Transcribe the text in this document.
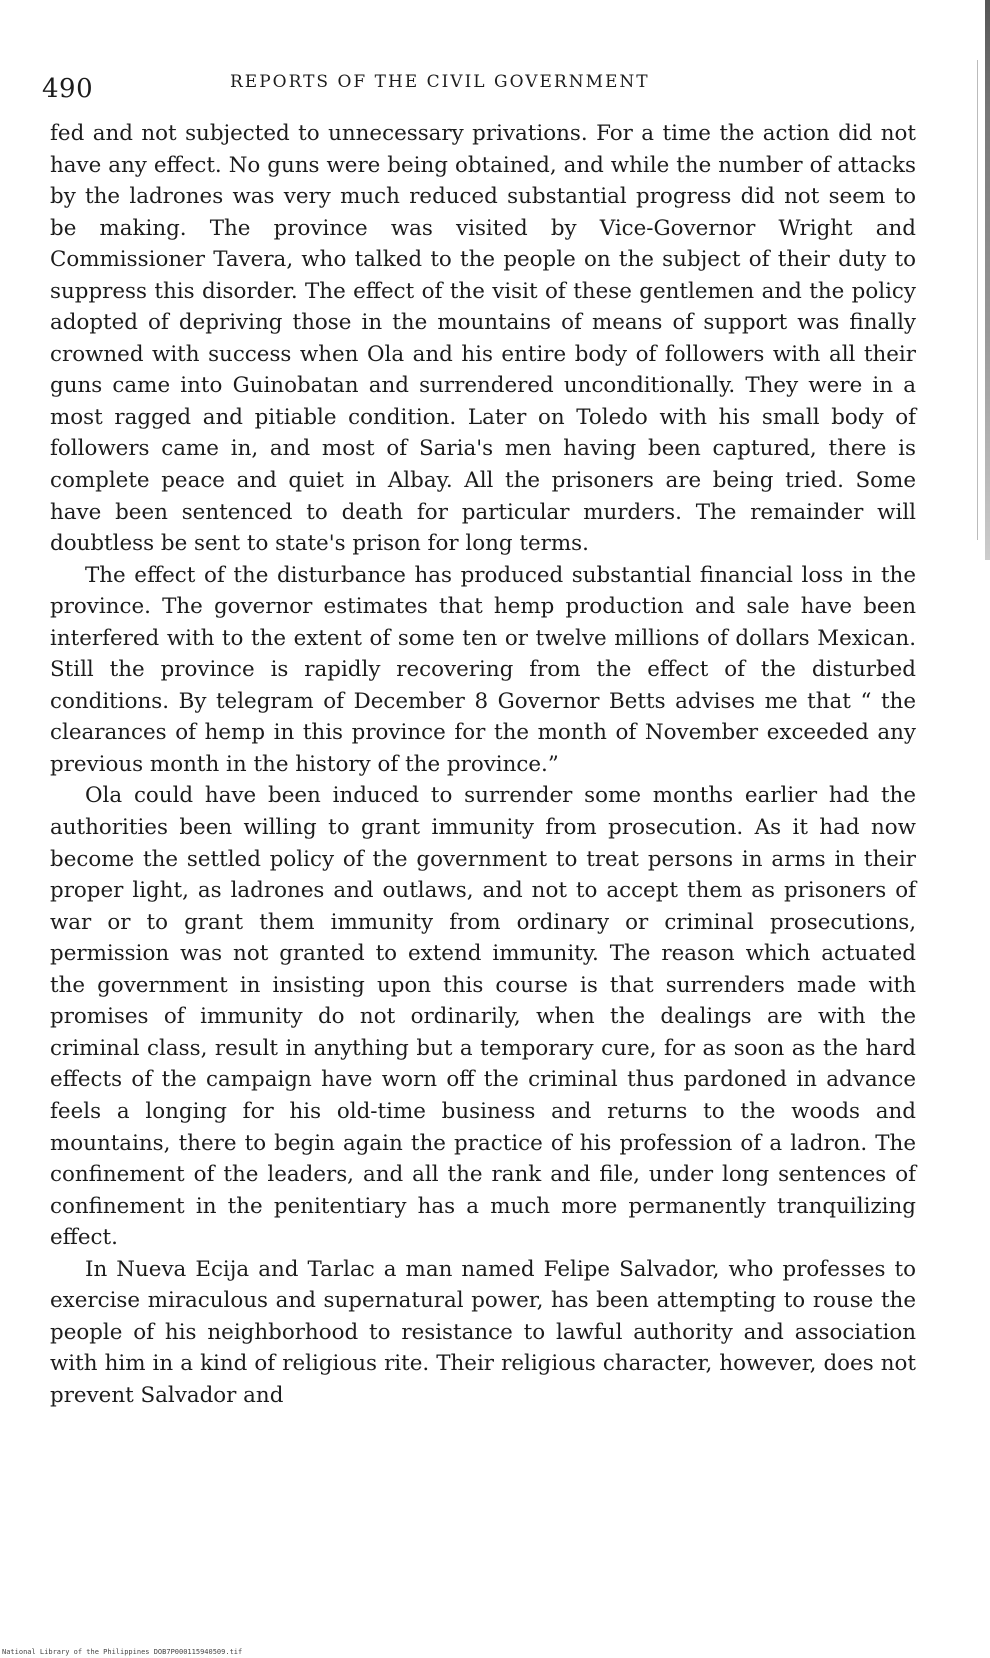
490	REPORTS OF THE CIVIL GOVERNMENT

fed and not subjected to unnecessary privations. For a time the action did not have any effect. No guns were being obtained, and while the number of attacks by the ladrones was very much reduced substantial progress did not seem to be making. The province was visited by Vice-Governor Wright and Commissioner Tavera, who talked to the people on the subject of their duty to suppress this disorder. The effect of the visit of these gentlemen and the policy adopted of depriving those in the mountains of means of support was finally crowned with success when Ola and his entire body of followers with all their guns came into Guinobatan and surrendered unconditionally. They were in a most ragged and pitiable condition. Later on Toledo with his small body of followers came in, and most of Saria's men having been captured, there is complete peace and quiet in Albay. All the prisoners are being tried. Some have been sentenced to death for particular murders. The remainder will doubtless be sent to state's prison for long terms.

The effect of the disturbance has produced substantial financial loss in the province. The governor estimates that hemp production and sale have been interfered with to the extent of some ten or twelve millions of dollars Mexican. Still the province is rapidly recovering from the effect of the disturbed conditions. By telegram of December 8 Governor Betts advises me that “ the clearances of hemp in this province for the month of November exceeded any previous month in the history of the province.”

Ola could have been induced to surrender some months earlier had the authorities been willing to grant immunity from prosecution. As it had now become the settled policy of the government to treat persons in arms in their proper light, as ladrones and outlaws, and not to accept them as prisoners of war or to grant them immunity from ordinary or criminal prosecutions, permission was not granted to extend immunity. The reason which actuated the government in insisting upon this course is that surrenders made with promises of immunity do not ordinarily, when the dealings are with the criminal class, result in anything but a temporary cure, for as soon as the hard effects of the campaign have worn off the criminal thus pardoned in advance feels a longing for his old-time business and returns to the woods and mountains, there to begin again the practice of his profession of a ladron. The confinement of the leaders, and all the rank and file, under long sentences of confinement in the penitentiary has a much more permanently tranquilizing effect.

In Nueva Ecija and Tarlac a man named Felipe Salvador, who professes to exercise miraculous and supernatural power, has been attempting to rouse the people of his neighborhood to resistance to lawful authority and association with him in a kind of religious rite. Their religious character, however, does not prevent Salvador and

National Library of the Philippines DOB7P000115940509.tif
